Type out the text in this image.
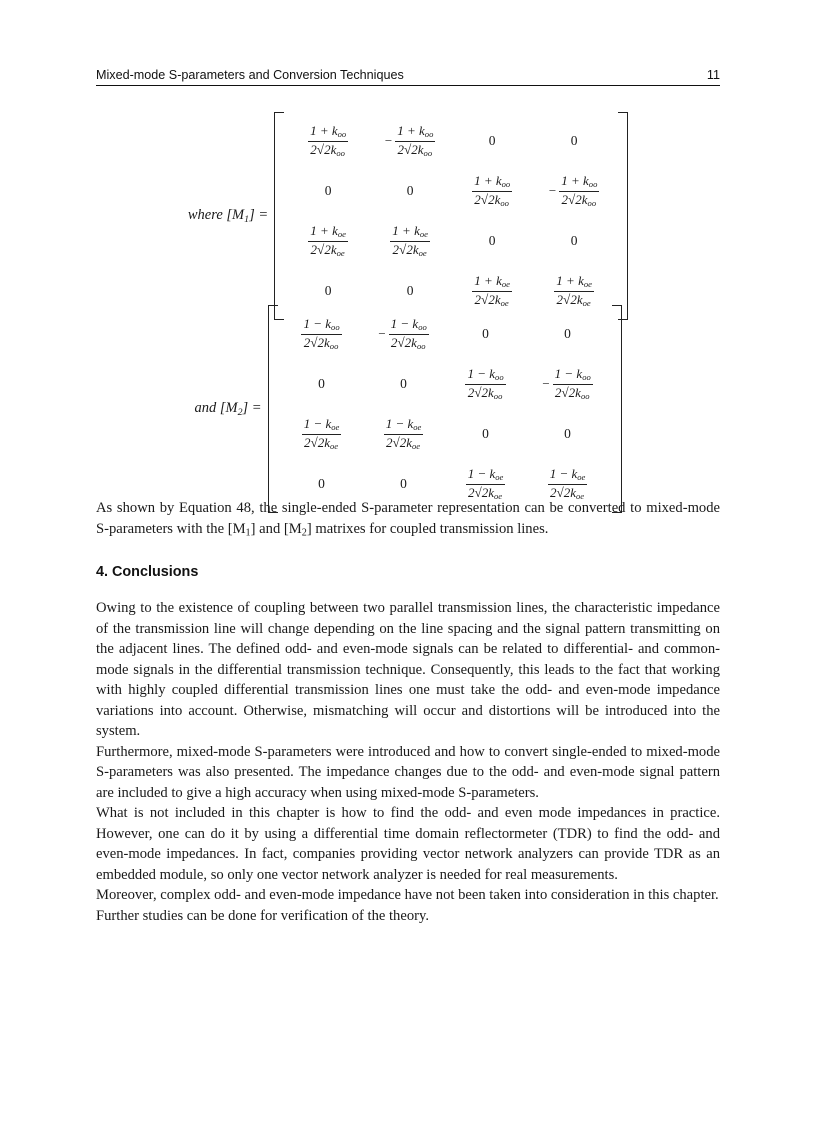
Mixed-mode S-parameters and Conversion Techniques	11
where $[M_1]$ =
$\frac{1 + k_{oo}}{2√2k_{oo}}$	− $\frac{1 + k_{oo}}{2√2k_{oo}}$	0	0
0	0	$\frac{1 + k_{oo}}{2√2k_{oo}}$	− $\frac{1 + k_{oo}}{2√2k_{oo}}$

$\frac{1 + k_{oe}}{2√2k_{oe}}$	$\frac{1 + k_{oe}}{2√2k_{oe}}$	0	0
0	0	$\frac{1 + k_{oe}}{2√2k_{oe}}$	$\frac{1 + k_{oe}}{2√2k_{oe}}$
and $[M_2]$ =
$\frac{1 - k_{oo}}{2√2k_{oo}}$	− $\frac{1 - k_{oo}}{2√2k_{oo}}$	0	0
0	0	$\frac{1 - k_{oo}}{2√2k_{oo}}$	− $\frac{1 - k_{oo}}{2√2k_{oo}}$

$\frac{1 - k_{oe}}{2√2k_{oe}}$	$\frac{1 - k_{oe}}{2√2k_{oe}}$	0	0
0	0	$\frac{1 - k_{oe}}{2√2k_{oe}}$	$\frac{1 - k_{oe}}{2√2k_{oe}}$

As shown by Equation 48, the single-ended S-parameter representation can be converted to mixed-mode S-parameters with the $[M_1]$ and $[M_2]$ matrixes for coupled transmission lines.

4. Conclusions

Owing to the existence of coupling between two parallel transmission lines, the characteristic impedance of the transmission line will change depending on the line spacing and the signal pattern transmitting on the adjacent lines. The defined odd- and even-mode signals can be related to differential- and common-mode signals in the differential transmission technique. Consequently, this leads to the fact that working with highly coupled differential transmission lines one must take the odd- and even-mode impedance variations into account. Otherwise, mismatching will occur and distortions will be introduced into the system.

Furthermore, mixed-mode S-parameters were introduced and how to convert single-ended to mixed-mode S-parameters was also presented. The impedance changes due to the odd- and even-mode signal pattern are included to give a high accuracy when using mixed-mode S-parameters.

What is not included in this chapter is how to find the odd- and even mode impedances in practice. However, one can do it by using a differential time domain reflectormeter (TDR) to find the odd- and even-mode impedances. In fact, companies providing vector network analyzers can provide TDR as an embedded module, so only one vector network analyzer is needed for real measurements.

Moreover, complex odd- and even-mode impedance have not been taken into consideration in this chapter. Further studies can be done for verification of the theory.
